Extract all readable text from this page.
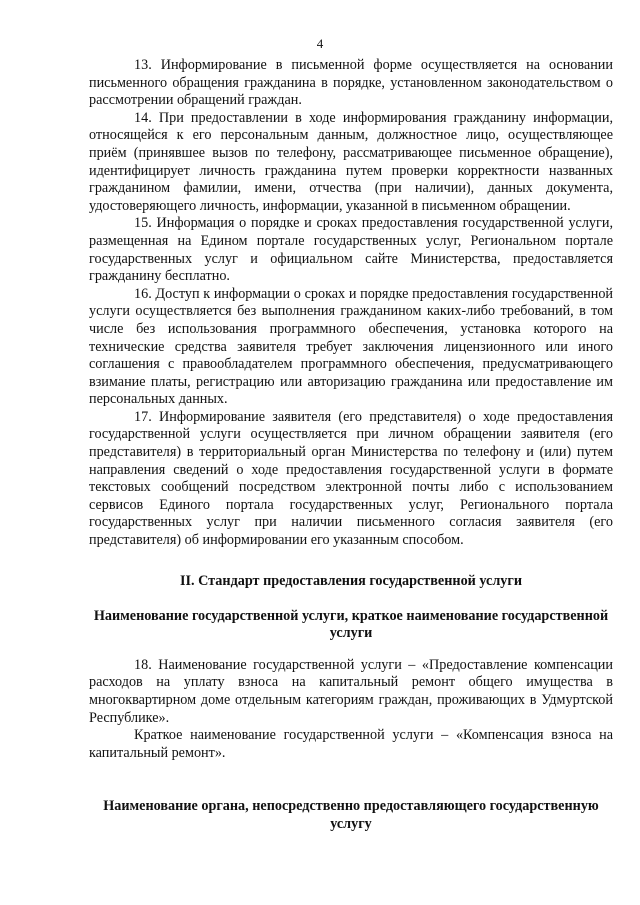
4

13. Информирование в письменной форме осуществляется на основании письменного обращения гражданина в порядке, установленном законодательством о рассмотрении обращений граждан.

14. При предоставлении в ходе информирования гражданину информации, относящейся к его персональным данным, должностное лицо, осуществляющее приём (принявшее вызов по телефону, рассматривающее письменное обращение), идентифицирует личность гражданина путем проверки корректности названных гражданином фамилии, имени, отчества (при наличии), данных документа, удостоверяющего личность, информации, указанной в письменном обращении.

15. Информация о порядке и сроках предоставления государственной услуги, размещенная на Едином портале государственных услуг, Региональном портале государственных услуг и официальном сайте Министерства, предоставляется гражданину бесплатно.

16. Доступ к информации о сроках и порядке предоставления государственной услуги осуществляется без выполнения гражданином каких-либо требований, в том числе без использования программного обеспечения, установка которого на технические средства заявителя требует заключения лицензионного или иного соглашения с правообладателем программного обеспечения, предусматривающего взимание платы, регистрацию или авторизацию гражданина или предоставление им персональных данных.

17. Информирование заявителя (его представителя) о ходе предоставления государственной услуги осуществляется при личном обращении заявителя (его представителя) в территориальный орган Министерства по телефону и (или) путем направления сведений о ходе предоставления государственной услуги в формате текстовых сообщений посредством электронной почты либо с использованием сервисов Единого портала государственных услуг, Регионального портала государственных услуг при наличии письменного согласия заявителя (его представителя) об информировании его указанным способом.

II. Стандарт предоставления государственной услуги
Наименование государственной услуги, краткое наименование государственной услуги

18. Наименование государственной услуги – «Предоставление компенсации расходов на уплату взноса на капитальный ремонт общего имущества в многоквартирном доме отдельным категориям граждан, проживающих в Удмуртской Республике».

Краткое наименование государственной услуги – «Компенсация взноса на капитальный ремонт».

Наименование органа, непосредственно предоставляющего государственную услугу
